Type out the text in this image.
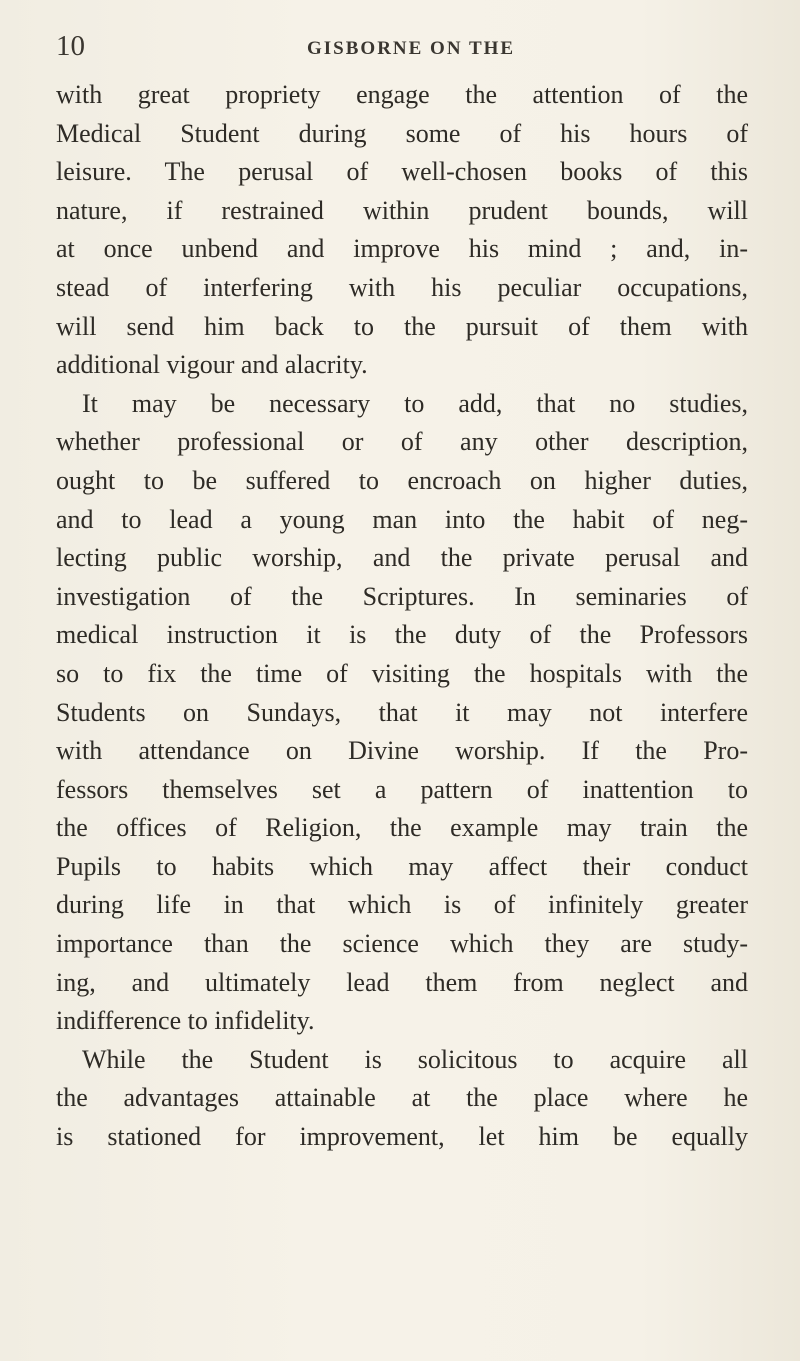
10	GISBORNE ON THE
with great propriety engage the attention of the
Medical Student during some of his hours of
leisure. The perusal of well-chosen books of this
nature, if restrained within prudent bounds, will
at once unbend and improve his mind ; and, in-
stead of interfering with his peculiar occupations,
will send him back to the pursuit of them with
additional vigour and alacrity.
It may be necessary to add, that no studies,
whether professional or of any other description,
ought to be suffered to encroach on higher duties,
and to lead a young man into the habit of neg-
lecting public worship, and the private perusal and
investigation of the Scriptures. In seminaries of
medical instruction it is the duty of the Professors
so to fix the time of visiting the hospitals with the
Students on Sundays, that it may not interfere
with attendance on Divine worship. If the Pro-
fessors themselves set a pattern of inattention to
the offices of Religion, the example may train the
Pupils to habits which may affect their conduct
during life in that which is of infinitely greater
importance than the science which they are study-
ing, and ultimately lead them from neglect and
indifference to infidelity.
While the Student is solicitous to acquire all
the advantages attainable at the place where he
is stationed for improvement, let him be equally
